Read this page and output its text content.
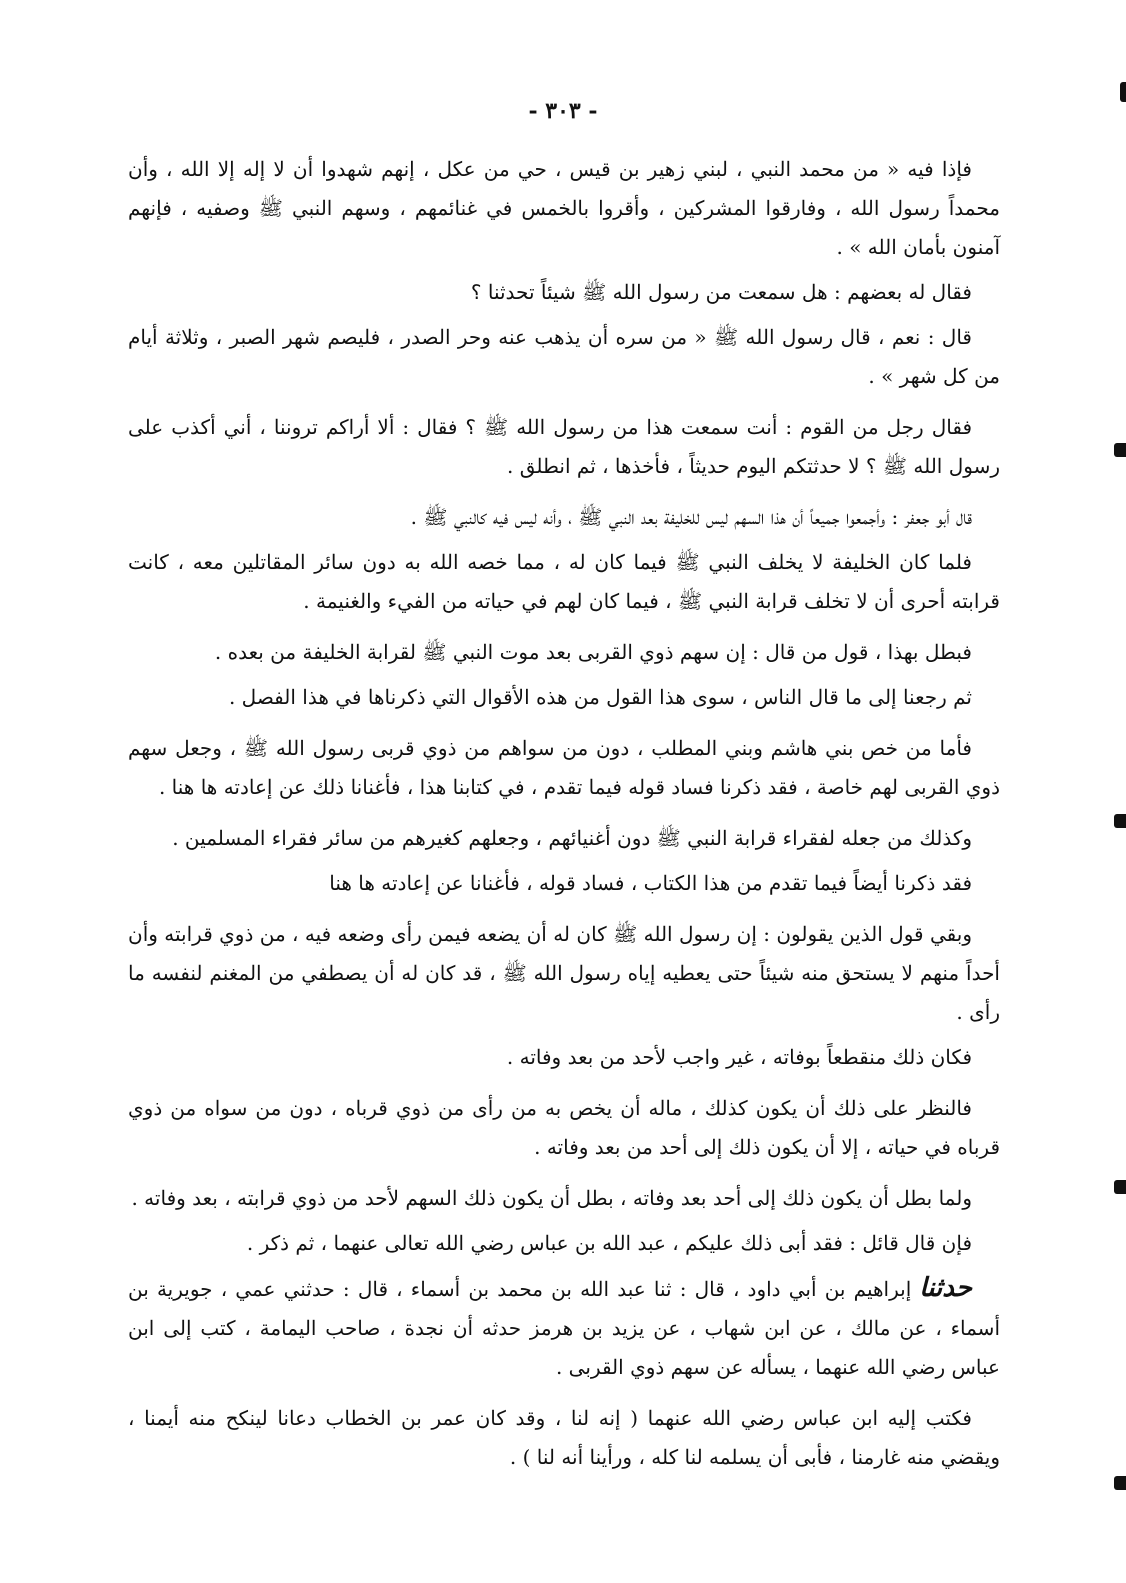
- ٣٠٣ -

فإذا فيه « من محمد النبي ، لبني زهير بن قيس ، حي من عكل ، إنهم شهدوا أن لا إله إلا الله ، وأن محمداً رسول الله ، وفارقوا المشركين ، وأقروا بالخمس في غنائمهم ، وسهم النبي ﷺ وصفيه ، فإنهم آمنون بأمان الله » .

فقال له بعضهم : هل سمعت من رسول الله ﷺ شيئاً تحدثنا ؟

قال : نعم ، قال رسول الله ﷺ « من سره أن يذهب عنه وحر الصدر ، فليصم شهر الصبر ، وثلاثة أيام من كل شهر » .

فقال رجل من القوم : أنت سمعت هذا من رسول الله ﷺ ؟ فقال : ألا أراكم تروننا ، أني أكذب على رسول الله ﷺ ؟ لا حدثتكم اليوم حديثاً ، فأخذها ، ثم انطلق .

قال أبو جعفر : وأجمعوا جميعاً أن هذا السهم ليس للخليفة بعد النبي ﷺ ، وأنه ليس فيه كالنبي ﷺ .

فلما كان الخليفة لا يخلف النبي ﷺ فيما كان له ، مما خصه الله به دون سائر المقاتلين معه ، كانت قرابته أحرى أن لا تخلف قرابة النبي ﷺ ، فيما كان لهم في حياته من الفيء والغنيمة .

فبطل بهذا ، قول من قال : إن سهم ذوي القربى بعد موت النبي ﷺ لقرابة الخليفة من بعده .

ثم رجعنا إلى ما قال الناس ، سوى هذا القول من هذه الأقوال التي ذكرناها في هذا الفصل .

فأما من خص بني هاشم وبني المطلب ، دون من سواهم من ذوي قربى رسول الله ﷺ ، وجعل سهم ذوي القربى لهم خاصة ، فقد ذكرنا فساد قوله فيما تقدم ، في كتابنا هذا ، فأغنانا ذلك عن إعادته ها هنا .

وكذلك من جعله لفقراء قرابة النبي ﷺ دون أغنيائهم ، وجعلهم كغيرهم من سائر فقراء المسلمين .

فقد ذكرنا أيضاً فيما تقدم من هذا الكتاب ، فساد قوله ، فأغنانا عن إعادته ها هنا

وبقي قول الذين يقولون : إن رسول الله ﷺ كان له أن يضعه فيمن رأى وضعه فيه ، من ذوي قرابته وأن أحداً منهم لا يستحق منه شيئاً حتى يعطيه إياه رسول الله ﷺ ، قد كان له أن يصطفي من المغنم لنفسه ما رأى .

فكان ذلك منقطعاً بوفاته ، غير واجب لأحد من بعد وفاته .

فالنظر على ذلك أن يكون كذلك ، ماله أن يخص به من رأى من ذوي قرباه ، دون من سواه من ذوي قرباه في حياته ، إلا أن يكون ذلك إلى أحد من بعد وفاته .

ولما بطل أن يكون ذلك إلى أحد بعد وفاته ، بطل أن يكون ذلك السهم لأحد من ذوي قرابته ، بعد وفاته .

فإن قال قائل : فقد أبى ذلك عليكم ، عبد الله بن عباس رضي الله تعالى عنهما ، ثم ذكر .

حدثناإبراهيم بن أبي داود ، قال : ثنا عبد الله بن محمد بن أسماء ، قال : حدثني عمي ، جويرية بن أسماء ، عن مالك ، عن ابن شهاب ، عن يزيد بن هرمز حدثه أن نجدة ، صاحب اليمامة ، كتب إلى ابن عباس رضي الله عنهما ، يسأله عن سهم ذوي القربى .

فكتب إليه ابن عباس رضي الله عنهما ( إنه لنا ، وقد كان عمر بن الخطاب دعانا لينكح منه أيمنا ، ويقضي منه غارمنا ، فأبى أن يسلمه لنا كله ، ورأينا أنه لنا ) .
